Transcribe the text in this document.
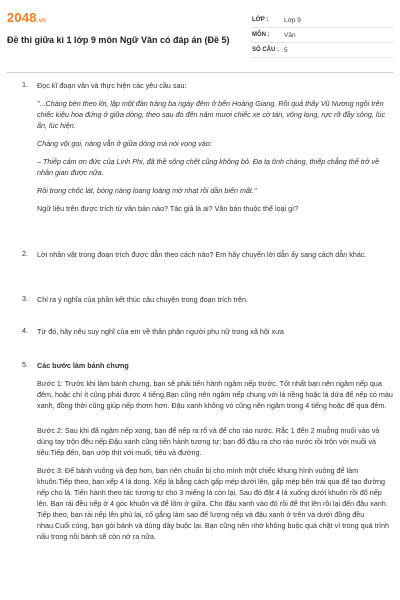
2048.vn
Đề thi giữa kì 1 lớp 9 môn Ngữ Văn có đáp án (Đề 5)
LỚP :	Lớp 9
MÔN :	Văn
SỐ CÂU : 5
1. Đọc kĩ đoạn văn và thực hiện các yêu cầu sau:

"...Chàng bèn theo lời, lập một đàn tràng ba ngày đêm ở bến Hoàng Giang. Rồi quả thấy Vũ Nương ngồi trên chiếc kiệu hoa đứng ở giữa dòng, theo sau đó đến năm mươi chiếc xe cờ tán, võng lọng, rực rỡ đầy sông, lúc ẩn, lúc hiện.

Chàng vội gọi, nàng vẫn ở giữa dòng mà nói vọng vào:

– Thiếp cảm ơn đức của Linh Phi, đã thề sống chết cũng không bỏ. Đa tạ tình chàng, thiếp chẳng thể trở về nhân gian được nữa.

Rồi trong chốc lát, bóng nàng loang loáng mờ nhạt rồi dần biến mất."

Ngữ liệu trên được trích từ văn bản nào? Tác giả là ai? Văn bản thuộc thể loại gì?

2. Lời nhân vật trong đoạn trích được dẫn theo cách nào? Em hãy chuyển lời dẫn ấy sang cách dẫn khác.
3. Chỉ ra ý nghĩa của phần kết thúc câu chuyện trong đoạn trích trên.
4. Từ đó, hãy nêu suy nghĩ của em về thân phận người phụ nữ trong xã hội xưa
5. Các bước làm bánh chưng

Bước 1: Trước khi làm bánh chưng, bạn sẽ phải tiến hành ngâm nếp trước. Tốt nhất bạn nên ngâm nếp qua đêm, hoặc chí ít cũng phải được 4 tiếng.Bạn cũng nên ngâm nếp chung với lá riềng hoặc lá dứa để nếp có màu xanh, đồng thời cũng giúp nếp thơm hơn. Đậu xanh không vỏ cũng nên ngâm trong 4 tiếng hoặc để qua đêm.

Bước 2: Sau khi đã ngâm nếp xong, bạn để nếp ra rổ và để cho ráo nước. Rắc 1 đến 2 muỗng muối vào và dùng tay trộn đều nếp.Đậu xanh cũng tiến hành tương tự; bạn đổ đậu ra cho ráo nước rồi trộn với muối và tiêu.Tiếp đến, bạn ướp thịt với muối, tiêu và đường.

Bước 3: Để bánh vuông và đẹp hơn, bạn nên chuẩn bị cho mình một chiếc khung hình vuông để làm khuôn.Tiếp theo, bạn xếp 4 lá dong. Xếp lá bằng cách gấp mép dưới lên, gấp mép bên trái qua để tạo đường nếp cho lá. Tiến hành theo tác tương tự cho 3 miếng lá còn lại. Sau đó đặt 4 lá xuống dưới khuôn rồi đổ nếp lên. Bạn rải đều nếp ở 4 góc khuôn và để lõm ở giữa. Cho đậu xanh vào đó rồi để thịt lên rồi lại đến đậu xanh. Tiếp theo, bạn rải nếp lên phủ lại, cố gắng làm sao để lượng nếp và đậu xanh ở trên và dưới đồng đều nhau.Cuối cùng, bạn gói bánh và dùng dây buộc lại. Bạn cũng nên nhớ không buộc quá chặt vì trong quá trình nấu trong nồi bánh sẽ còn nở ra nữa.
